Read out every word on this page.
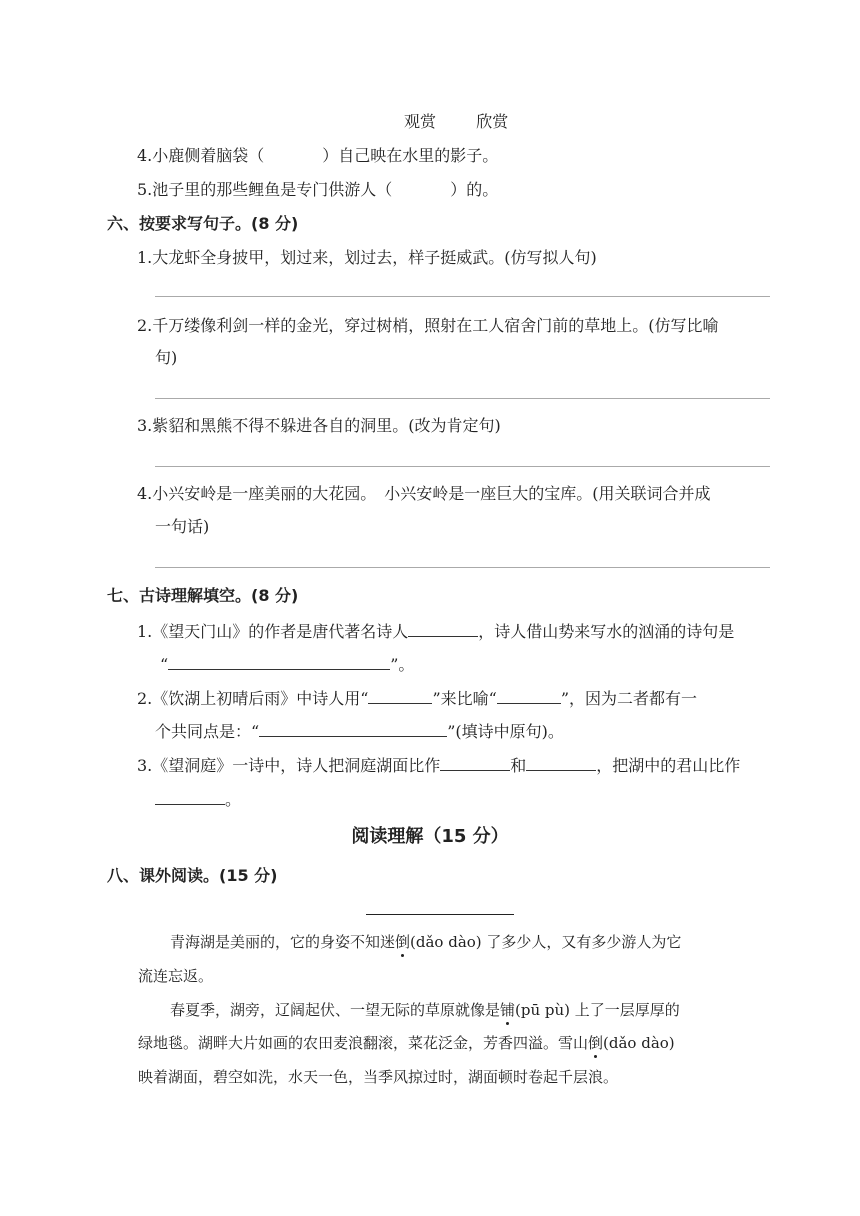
观赏	欣赏
4.小鹿侧着脑袋（	）自己映在水里的影子。
5.池子里的那些鲤鱼是专门供游人（	）的。
六、按要求写句子。(8 分)
1.大龙虾全身披甲，划过来，划过去，样子挺威武。(仿写拟人句)
2.千万缕像利剑一样的金光，穿过树梢，照射在工人宿舍门前的草地上。(仿写比喻
句)
3.紫貂和黑熊不得不躲进各自的洞里。(改为肯定句)
4.小兴安岭是一座美丽的大花园。　小兴安岭是一座巨大的宝库。(用关联词合并成
一句话)
七、古诗理解填空。(8 分)
1.《望天门山》的作者是唐代著名诗人	，诗人借山势来写水的汹涌的诗句是
“	”。
2.《饮湖上初晴后雨》中诗人用“	”来比喻“	”，因为二者都有一
个共同点是：“	”(填诗中原句)。
3.《望洞庭》一诗中，诗人把洞庭湖面比作	和	，把湖中的君山比作
。
阅读理解（15 分）
八、课外阅读。(15 分)
青海湖是美丽的，它的身姿不知迷倒(dǎo dào) 了多少人，又有多少游人为它
流连忘返。
春夏季，湖旁，辽阔起伏、一望无际的草原就像是铺(pū pù) 上了一层厚厚的
绿地毯。湖畔大片如画的农田麦浪翻滚，菜花泛金，芳香四溢。雪山倒(dǎo dào)
映着湖面，碧空如洗，水天一色，当季风掠过时，湖面顿时卷起千层浪。
